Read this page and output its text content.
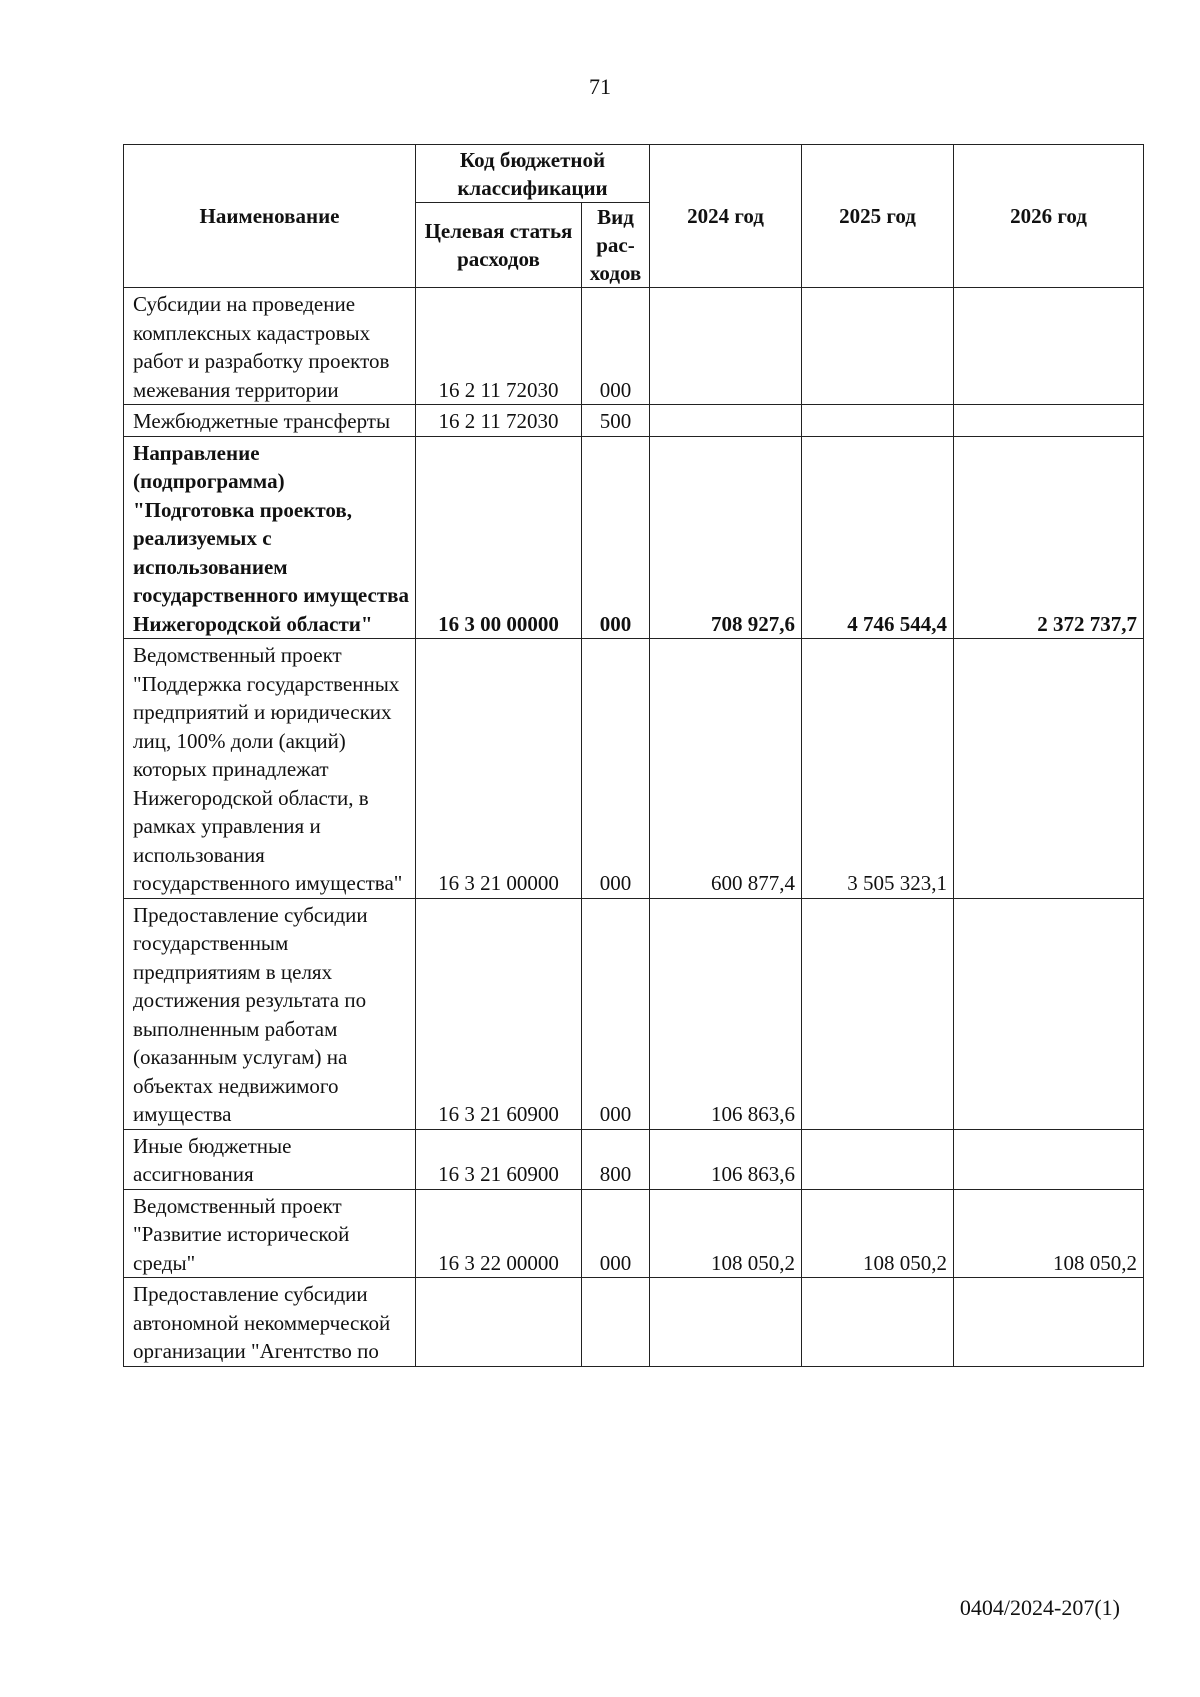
71
Наименование	Код бюджетной классификации		2024 год	2025 год	2026 год
	Целевая статья расходов	Вид рас-ходов			
Субсидии на проведение комплексных кадастровых работ и разработку проектов межевания территории	16 2 11 72030	000			
Межбюджетные трансферты	16 2 11 72030	500			
Направление (подпрограмма) "Подготовка проектов, реализуемых с использованием государственного имущества Нижегородской области"	16 3 00 00000	000	708 927,6	4 746 544,4	2 372 737,7
Ведомственный проект "Поддержка государственных предприятий и юридических лиц, 100% доли (акций) которых принадлежат Нижегородской области, в рамках управления и использования государственного имущества"	16 3 21 00000	000	600 877,4	3 505 323,1	
Предоставление субсидии государственным предприятиям в целях достижения результата по выполненным работам (оказанным услугам) на объектах недвижимого имущества	16 3 21 60900	000	106 863,6		
Иные бюджетные ассигнования	16 3 21 60900	800	106 863,6		
Ведомственный проект "Развитие исторической среды"	16 3 22 00000	000	108 050,2	108 050,2	108 050,2
Предоставление субсидии автономной некоммерческой организации "Агентство по					
0404/2024-207(1)
